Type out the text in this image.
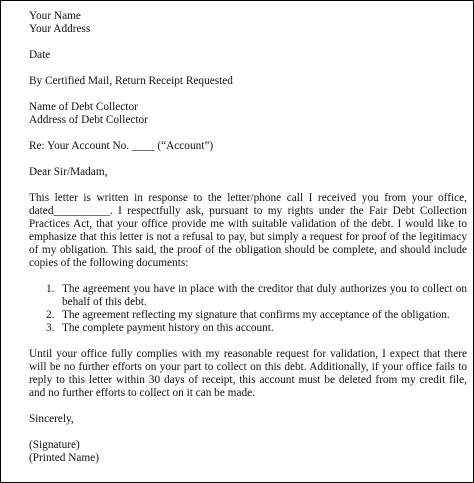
Your Name
Your Address
Date
By Certified Mail, Return Receipt Requested
Name of Debt Collector
Address of Debt Collector
Re: Your Account No. ____ (“Account”)
Dear Sir/Madam,

This letter is written in response to the letter/phone call I received you from your office, dated__________. I respectfully ask, pursuant to my rights under the Fair Debt Collection Practices Act, that your office provide me with suitable validation of the debt. I would like to emphasize that this letter is not a refusal to pay, but simply a request for proof of the legitimacy of my obligation. This said, the proof of the obligation should be complete, and should include copies of the following documents:

1. The agreement you have in place with the creditor that duly authorizes you to collect on behalf of this debt.
2. The agreement reflecting my signature that confirms my acceptance of the obligation.
3. The complete payment history on this account.

Until your office fully complies with my reasonable request for validation, I expect that there will be no further efforts on your part to collect on this debt. Additionally, if your office fails to reply to this letter within 30 days of receipt, this account must be deleted from my credit file, and no further efforts to collect on it can be made.

Sincerely,
(Signature)
(Printed Name)
